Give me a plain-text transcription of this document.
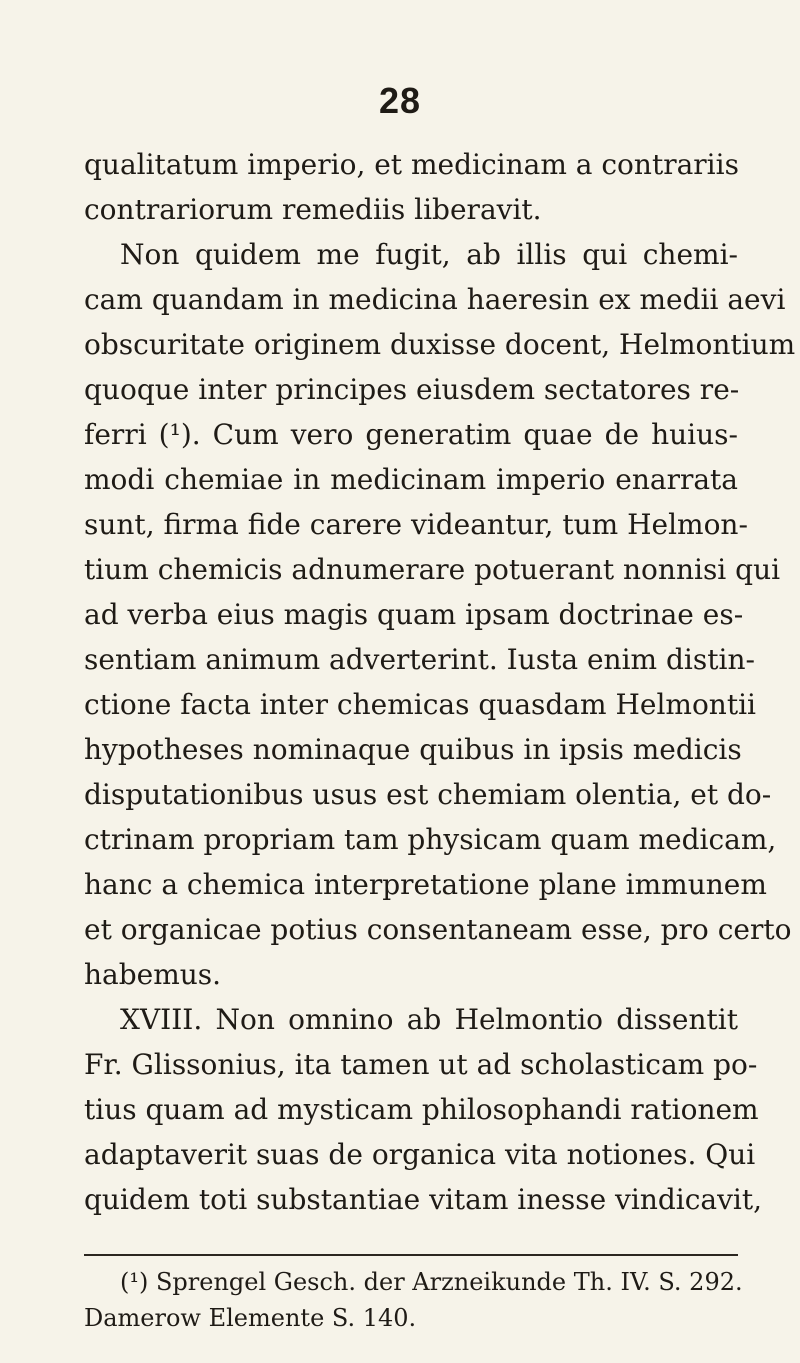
28
qualitatum imperio, et medicinam a contrariis
contrariorum remediis liberavit.
Non quidem me fugit, ab illis qui chemi-
cam quandam in medicina haeresin ex medii aevi
obscuritate originem duxisse docent, Helmontium
quoque inter principes eiusdem sectatores re-
ferri (¹). Cum vero generatim quae de huius-
modi chemiae in medicinam imperio enarrata
sunt, firma fide carere videantur, tum Helmon-
tium chemicis adnumerare potuerant nonnisi qui
ad verba eius magis quam ipsam doctrinae es-
sentiam animum adverterint. Iusta enim distin-
ctione facta inter chemicas quasdam Helmontii
hypotheses nominaque quibus in ipsis medicis
disputationibus usus est chemiam olentia, et do-
ctrinam propriam tam physicam quam medicam,
hanc a chemica interpretatione plane immunem
et organicae potius consentaneam esse, pro certo
habemus.
XVIII. Non omnino ab Helmontio dissentit
Fr. Glissonius, ita tamen ut ad scholasticam po-
tius quam ad mysticam philosophandi rationem
adaptaverit suas de organica vita notiones. Qui
quidem toti substantiae vitam inesse vindicavit,
(¹) Sprengel Gesch. der Arzneikunde Th. IV. S. 292.
Damerow Elemente S. 140.
